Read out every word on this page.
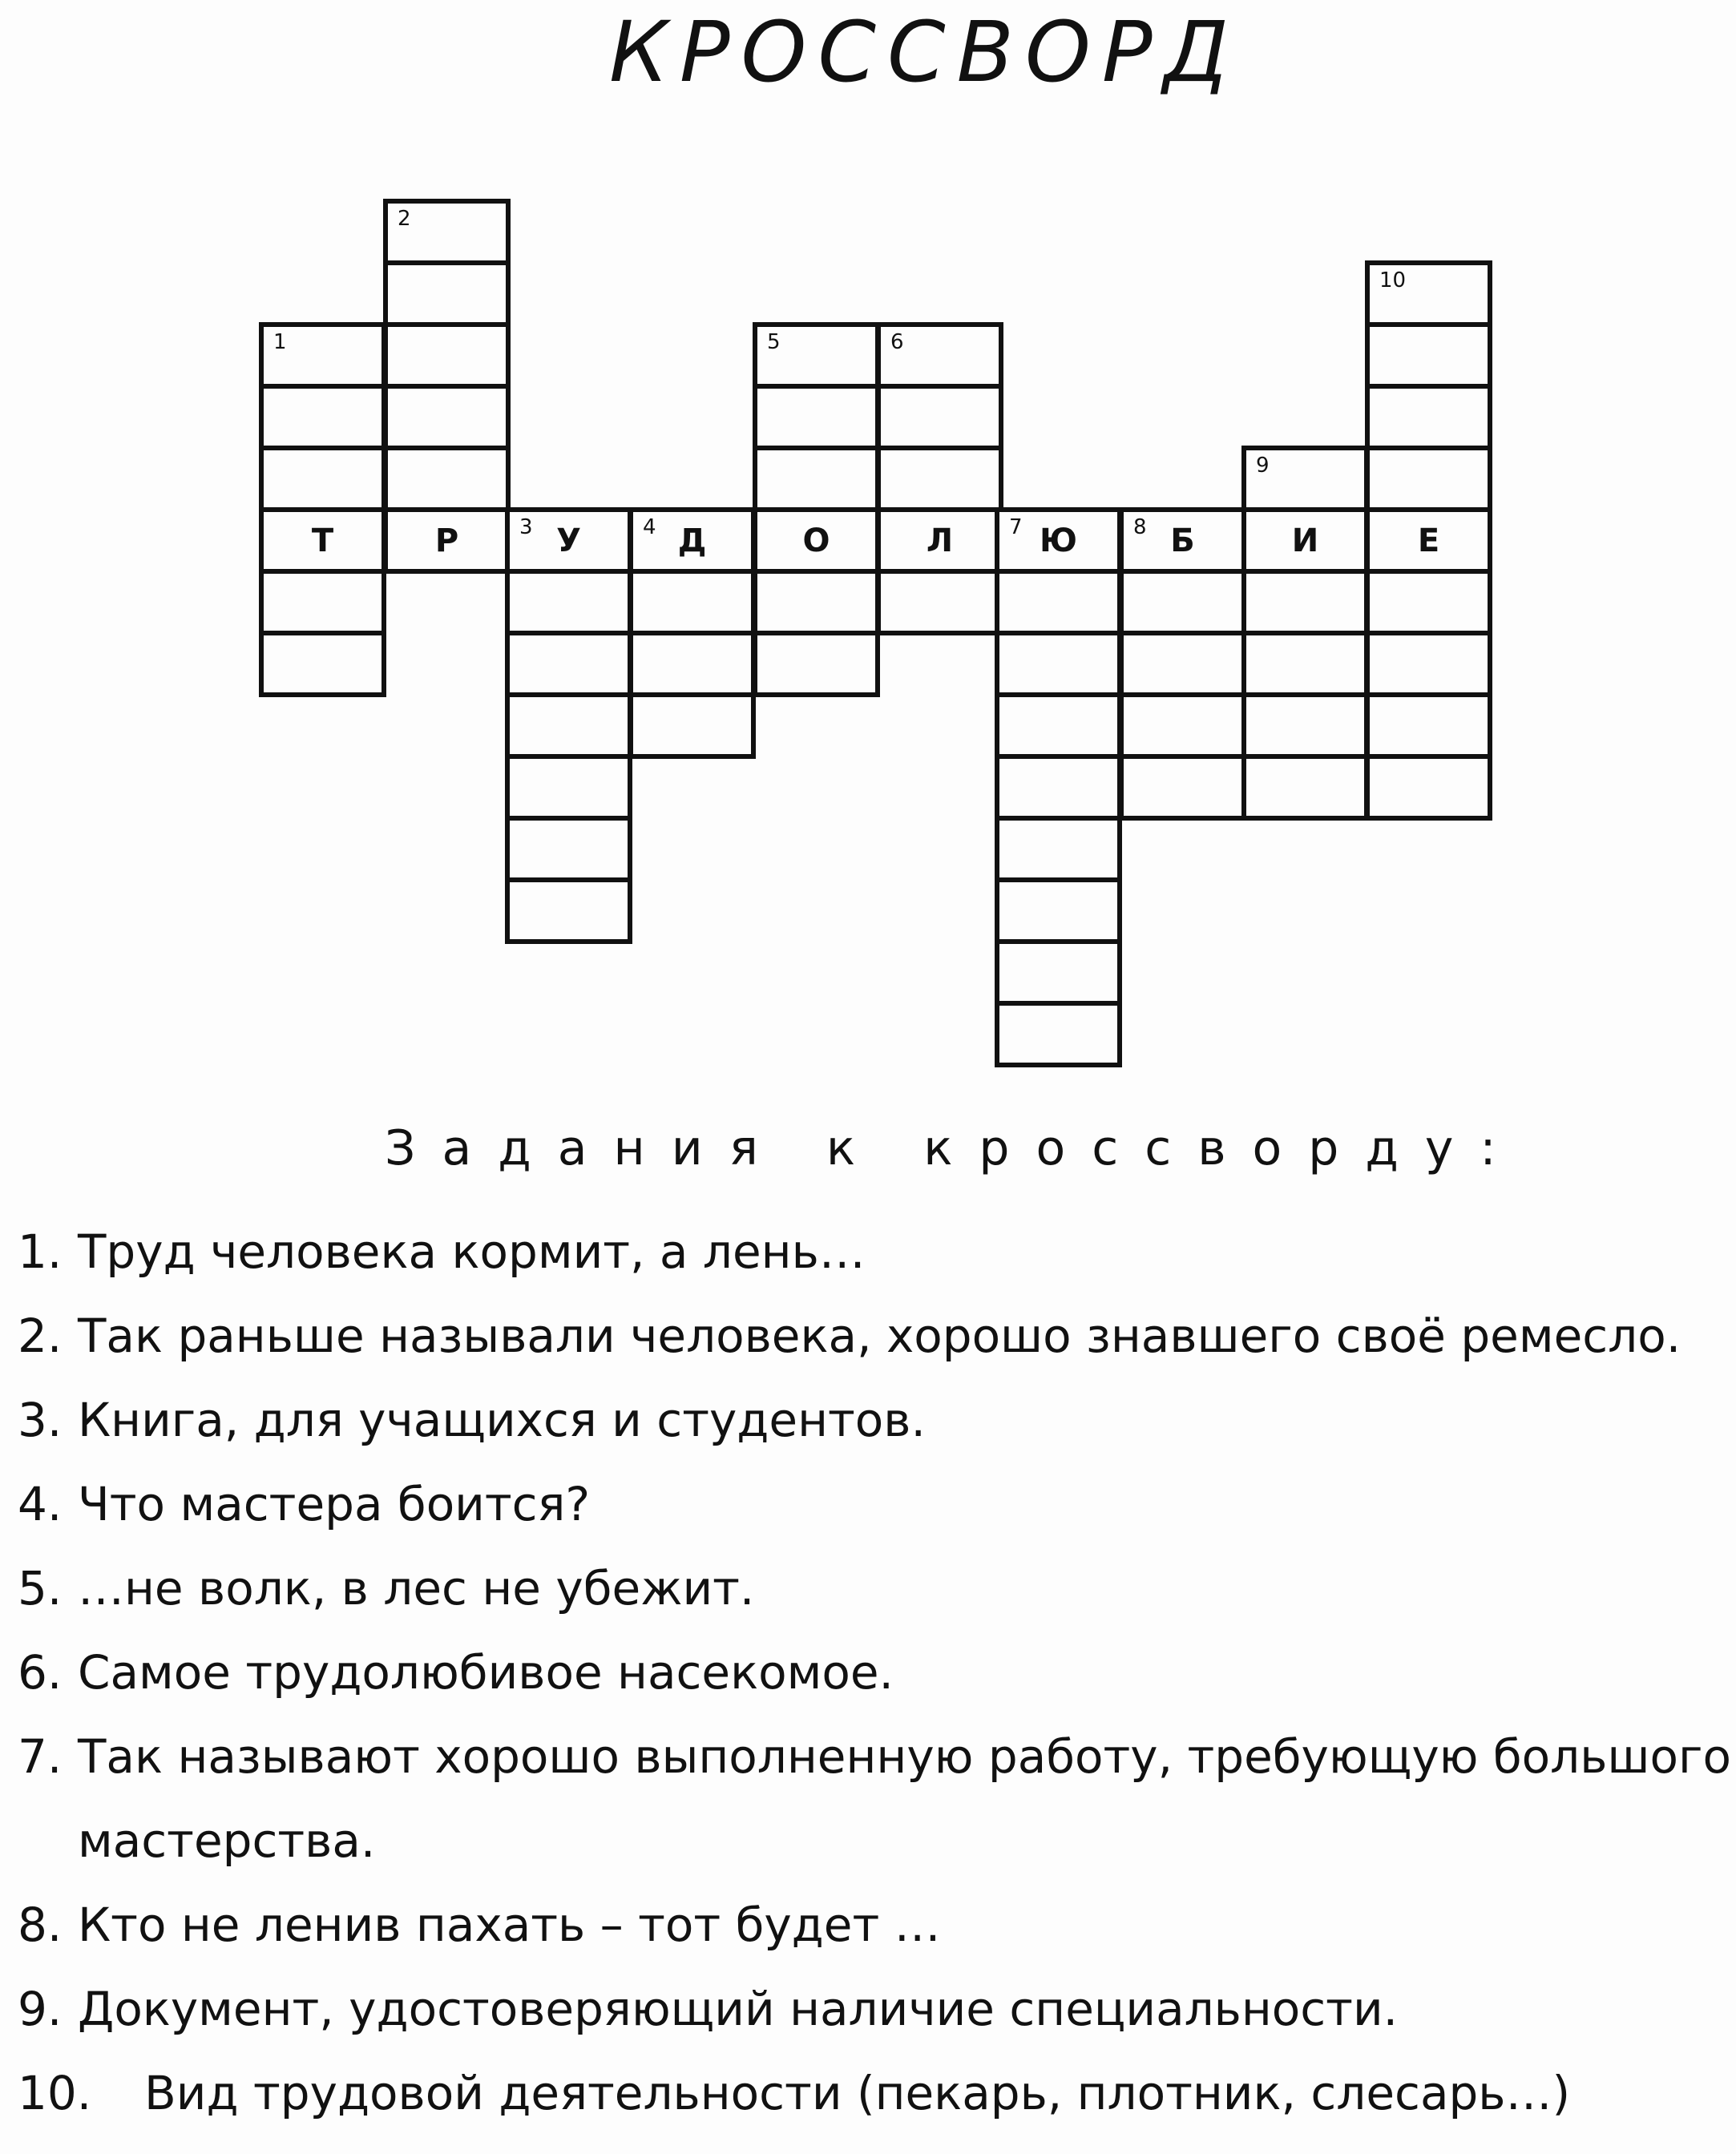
КРОССВОРД
1
Т
2
Р	3 У	4 Д
5
О
6
Л	7 Ю	8 Б
9
И
10
Е
Задания к кроссворду:
1. Труд человека кормит, а лень…
2. Так раньше называли человека, хорошо знавшего своё ремесло.
3. Книга, для учащихся и студентов.
4. Что мастера боится?
5. …не волк, в лес не убежит.
6. Самое трудолюбивое насекомое.
7. Так называют хорошо выполненную работу, требующую большого
мастерства.
8. Кто не ленив пахать – тот будет …
9. Документ, удостоверяющий наличие специальности.
10. Вид трудовой деятельности (пекарь, плотник, слесарь…)
